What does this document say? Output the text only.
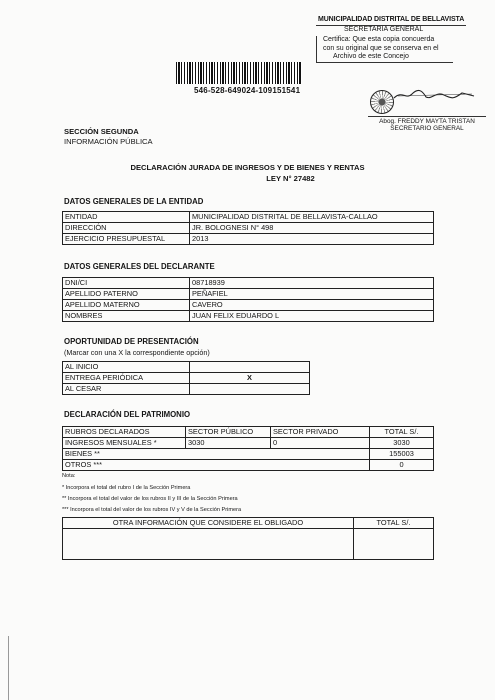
MUNICIPALIDAD DISTRITAL DE BELLAVISTA
SECRETARIA GENERAL
Certifica: Que esta copia concuerda
con su original que se conserva en el
Archivo de este Concejo
546-528-649024-109151541
Abog. FREDDY MAYTA TRISTAN
SECRETARIO GENERAL
SECCIÓN SEGUNDA
INFORMACIÓN PÚBLICA
DECLARACIÓN JURADA DE INGRESOS Y DE BIENES Y RENTAS
LEY N° 27482
DATOS GENERALES DE LA ENTIDAD
ENTIDAD	MUNICIPALIDAD DISTRITAL DE BELLAVISTA-CALLAO
DIRECCIÓN	JR. BOLOGNESI N° 498
EJERCICIO PRESUPUESTAL	2013
DATOS GENERALES DEL DECLARANTE
DNI/CI	08718939
APELLIDO PATERNO	PEÑAFIEL
APELLIDO MATERNO	CAVERO
NOMBRES	JUAN FELIX EDUARDO L
OPORTUNIDAD DE PRESENTACIÓN
(Marcar con una X la correspondiente opción)
AL INICIO	
ENTREGA PERIÓDICA	X
AL CESAR	
DECLARACIÓN DEL PATRIMONIO
RUBROS DECLARADOS	SECTOR PÚBLICO	SECTOR PRIVADO	TOTAL S/.
INGRESOS MENSUALES *	3030	0	3030
BIENES **			155003
OTROS ***			0
Nota:
* Incorpora el total del rubro I de la Sección Primera
** Incorpora el total del valor de los rubros II y III de la Sección Primera
*** Incorpora el total del valor de los rubros IV y V de la Sección Primera
OTRA INFORMACIÓN QUE CONSIDERE EL OBLIGADO	TOTAL S/.
